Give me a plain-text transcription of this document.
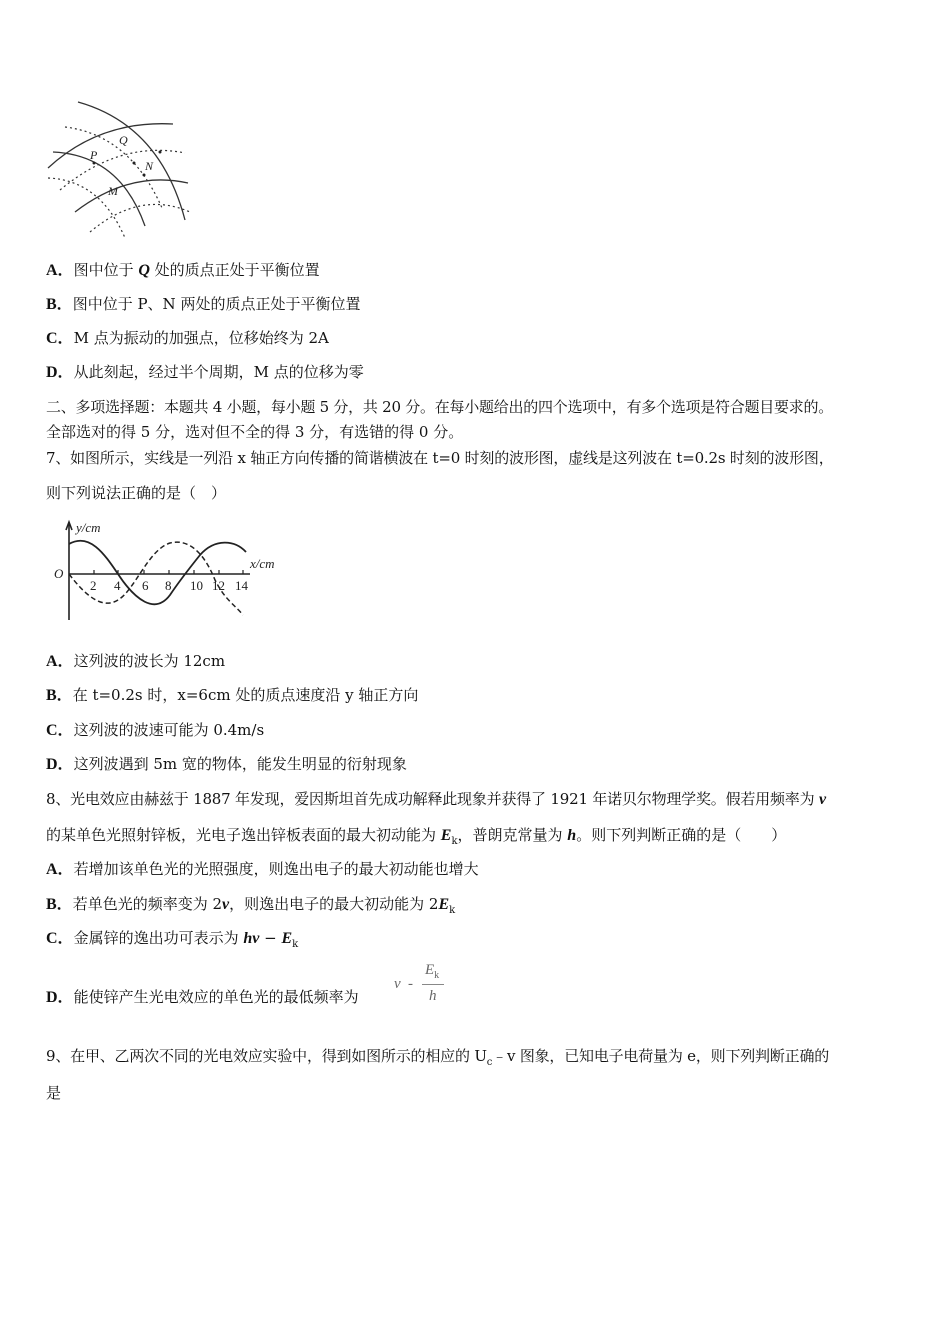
Q
P
N
M
A．图中位于 Q 处的质点正处于平衡位置
B．图中位于 P、N 两处的质点正处于平衡位置
C．M 点为振动的加强点，位移始终为 2A
D．从此刻起，经过半个周期，M 点的位移为零
二、多项选择题：本题共 4 小题，每小题 5 分，共 20 分。在每小题给出的四个选项中，有多个选项是符合题目要求的。
全部选对的得 5 分，选对但不全的得 3 分，有选错的得 0 分。
7、如图所示，实线是一列沿 x 轴正方向传播的简谐横波在 t=0 时刻的波形图，虚线是这列波在 t=0.2s 时刻的波形图，
则下列说法正确的是（　）
y/cm
x/cm
O
2 4 6 8 10 12 14
A．这列波的波长为 12cm
B．在 t=0.2s 时，x=6cm 处的质点速度沿 y 轴正方向
C．这列波的波速可能为 0.4m/s
D．这列波遇到 5m 宽的物体，能发生明显的衍射现象
8、光电效应由赫兹于 1887 年发现，爱因斯坦首先成功解释此现象并获得了 1921 年诺贝尔物理学奖。假若用频率为 v
的某单色光照射锌板，光电子逸出锌板表面的最大初动能为 $E_k$，普朗克常量为 h。则下列判断正确的是（　　）
A．若增加该单色光的光照强度，则逸出电子的最大初动能也增大
B．若单色光的频率变为 2v，则逸出电子的最大初动能为 $2E_k$
C．金属锌的逸出功可表示为 hv − $E_k$
D．能使锌产生光电效应的单色光的最低频率为
ν -
$E_k$
h
9、在甲、乙两次不同的光电效应实验中，得到如图所示的相应的 $U_c﹣v$ 图象，已知电子电荷量为 e，则下列判断正确的
是
